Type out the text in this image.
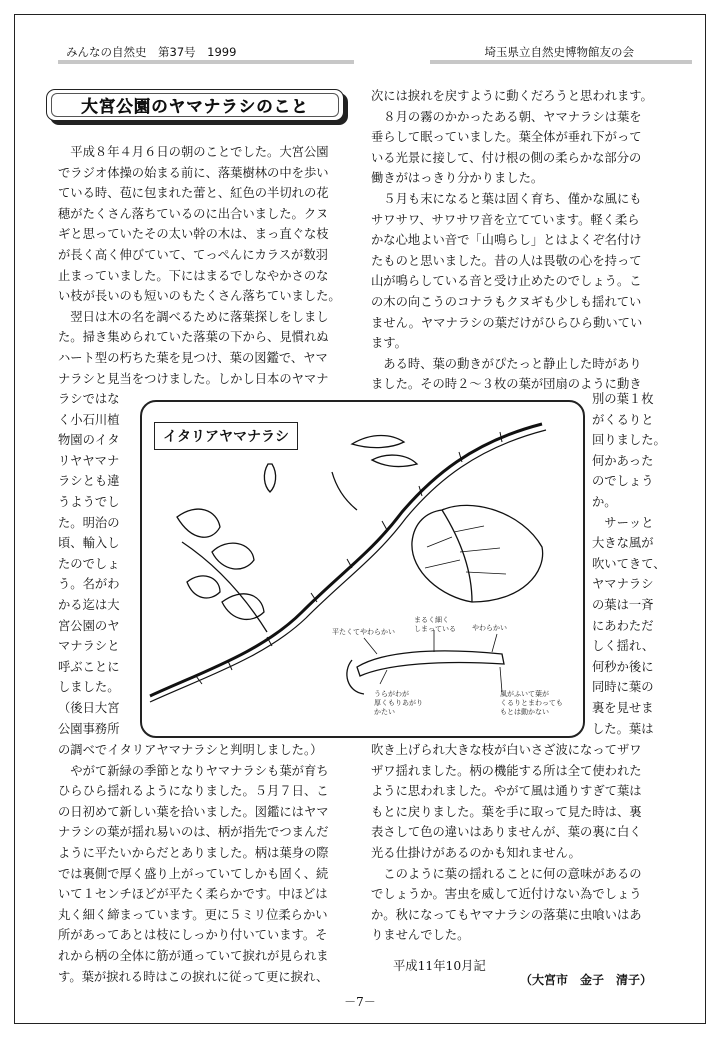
みんなの自然史　第37号　1999	埼玉県立自然史博物館友の会
大宮公園のヤマナラシのこと
　平成８年４月６日の朝のことでした。大宮公園
でラジオ体操の始まる前に、落葉樹林の中を歩い
ている時、苞に包まれた蕾と、紅色の半切れの花
穂がたくさん落ちているのに出合いました。クヌ
ギと思っていたその太い幹の木は、まっ直ぐな枝
が長く高く伸びていて、てっぺんにカラスが数羽
止まっていました。下にはまるでしなやかさのな
い枝が長いのも短いのもたくさん落ちていました。
　翌日は木の名を調べるために落葉探しをしまし
た。掃き集められていた落葉の下から、見慣れぬ
ハート型の朽ちた葉を見つけ、葉の図鑑で、ヤマ
ナラシと見当をつけました。しかし日本のヤマナ
ラシではな
く小石川植
物園のイタ
リヤヤマナ
ラシとも違
うようでし
た。明治の
頃、輸入し
たのでしょ
う。名がわ
かる迄は大
宮公園のヤ
マナラシと
呼ぶことに
しました。
（後日大宮
公園事務所
の調べでイタリアヤマナラシと判明しました。）
　やがて新緑の季節となりヤマナラシも葉が育ち
ひらひら揺れるようになりました。５月７日、こ
の日初めて新しい葉を拾いました。図鑑にはヤマ
ナラシの葉が揺れ易いのは、柄が指先でつまんだ
ように平たいからだとありました。柄は葉身の際
では裏側で厚く盛り上がっていてしかも固く、続
いて１センチほどが平たく柔らかです。中ほどは
丸く細く締まっています。更に５ミリ位柔らかい
所があってあとは枝にしっかり付いています。そ
れから柄の全体に筋が通っていて捩れが見られま
す。葉が捩れる時はこの捩れに従って更に捩れ、
次には捩れを戻すように動くだろうと思われます。
　８月の霧のかかったある朝、ヤマナラシは葉を
垂らして眠っていました。葉全体が垂れ下がって
いる光景に接して、付け根の側の柔らかな部分の
働きがはっきり分かりました。
　５月も末になると葉は固く育ち、僅かな風にも
サワサワ、サワサワ音を立てています。軽く柔ら
かな心地よい音で「山鳴らし」とはよくぞ名付け
たものと思いました。昔の人は畏敬の心を持って
山が鳴らしている音と受け止めたのでしょう。こ
の木の向こうのコナラもクヌギも少しも揺れてい
ません。ヤマナラシの葉だけがひらひら動いてい
ます。
　ある時、葉の動きがぴたっと静止した時があり
ました。その時２～３枚の葉が団扇のように動き
別の葉１枚
がくるりと
回りました。
何かあった
のでしょう
か。
　サーッと
大きな風が
吹いてきて、
ヤマナラシ
の葉は一斉
にあわただ
しく揺れ、
何秒か後に
同時に葉の
裏を見せま
した。葉は
吹き上げられ大きな枝が白いさざ波になってザワ
ザワ揺れました。柄の機能する所は全て使われた
ように思われました。やがて風は通りすぎて葉は
もとに戻りました。葉を手に取って見た時は、裏
表さして色の違いはありませんが、葉の裏に白く
光る仕掛けがあるのかも知れません。
　このように葉の揺れることに何の意味があるの
でしょうか。害虫を威して近付けない為でしょう
か。秋になってもヤマナラシの落葉に虫喰いはあ
りませんでした。
イタリアヤマナラシ
平たくてやわらかい
まるく細く
しまっている やわらかい
うらがわが
厚くもりあがり
かたい
風がふいて葉が
くるりとまわっても
もとは動かない
平成11年10月記
（大宮市　金子　清子）
－7－
